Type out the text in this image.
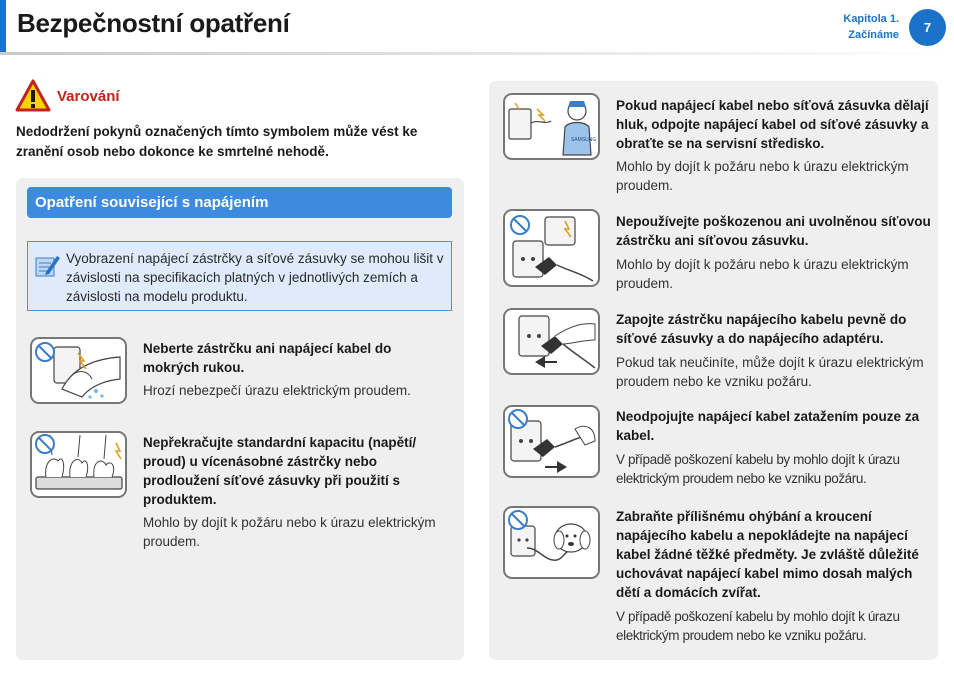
Bezpečnostní opatření	Kapitola 1.
Začínáme	7
Varování
Nedodržení pokynů označených tímto symbolem může vést ke zranění osob nebo dokonce ke smrtelné nehodě.
Opatření související s napájením
Vyobrazení napájecí zástrčky a síťové zásuvky se mohou lišit v závislosti na specifikacích platných v jednotlivých zemích a závislosti na modelu produktu.
Neberte zástrčku ani napájecí kabel do mokrých rukou.
Hrozí nebezpečí úrazu elektrickým proudem.
Nepřekračujte standardní kapacitu (napětí/ proud) u vícenásobné zástrčky nebo prodloužení síťové zásuvky při použití s produktem.
Mohlo by dojít k požáru nebo k úrazu elektrickým proudem.
SAMSUNG
Pokud napájecí kabel nebo síťová zásuvka dělají hluk, odpojte napájecí kabel od síťové zásuvky a obraťte se na servisní středisko.
Mohlo by dojít k požáru nebo k úrazu elektrickým proudem.
Nepoužívejte poškozenou ani uvolněnou síťovou zástrčku ani síťovou zásuvku.
Mohlo by dojít k požáru nebo k úrazu elektrickým proudem.
Zapojte zástrčku napájecího kabelu pevně do síťové zásuvky a do napájecího adaptéru.
Pokud tak neučiníte, může dojít k úrazu elektrickým proudem nebo ke vzniku požáru.
Neodpojujte napájecí kabel zatažením pouze za kabel.
V případě poškození kabelu by mohlo dojít k úrazu elektrickým proudem nebo ke vzniku požáru.
Zabraňte přílišnému ohýbání a kroucení napájecího kabelu a nepokládejte na napájecí kabel žádné těžké předměty. Je zvláště důležité uchovávat napájecí kabel mimo dosah malých dětí a domácích zvířat.
V případě poškození kabelu by mohlo dojít k úrazu elektrickým proudem nebo ke vzniku požáru.
